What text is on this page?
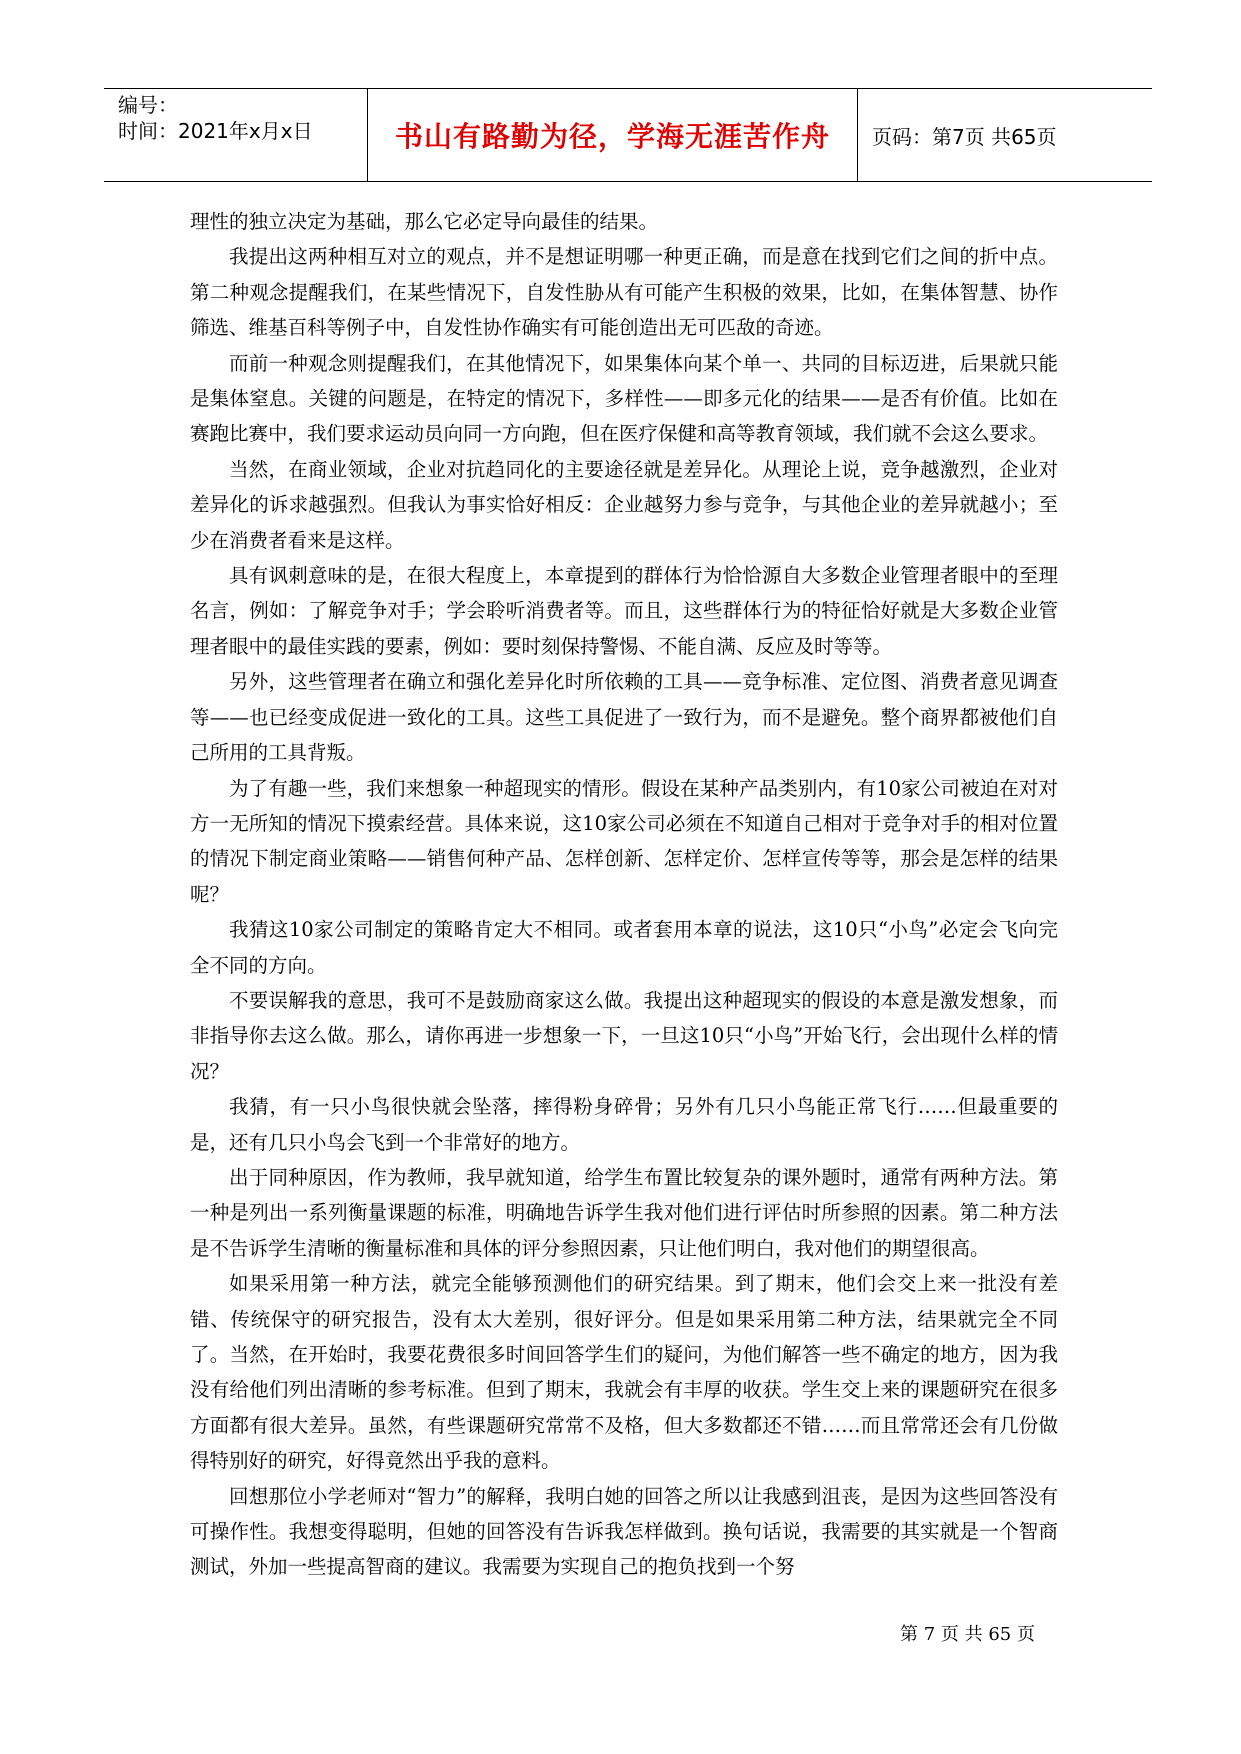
编号：
时间：2021年x月x日	书山有路勤为径，学海无涯苦作舟 页码：第7页 共65页

理性的独立决定为基础，那么它必定导向最佳的结果。

我提出这两种相互对立的观点，并不是想证明哪一种更正确，而是意在找到它们之间的折中点。第二种观念提醒我们，在某些情况下，自发性胁从有可能产生积极的效果，比如，在集体智慧、协作筛选、维基百科等例子中，自发性协作确实有可能创造出无可匹敌的奇迹。

而前一种观念则提醒我们，在其他情况下，如果集体向某个单一、共同的目标迈进，后果就只能是集体窒息。关键的问题是，在特定的情况下，多样性——即多元化的结果——是否有价值。比如在赛跑比赛中，我们要求运动员向同一方向跑，但在医疗保健和高等教育领域，我们就不会这么要求。

当然，在商业领域，企业对抗趋同化的主要途径就是差异化。从理论上说，竞争越激烈，企业对差异化的诉求越强烈。但我认为事实恰好相反：企业越努力参与竞争，与其他企业的差异就越小；至少在消费者看来是这样。

具有讽刺意味的是，在很大程度上，本章提到的群体行为恰恰源自大多数企业管理者眼中的至理名言，例如：了解竞争对手；学会聆听消费者等。而且，这些群体行为的特征恰好就是大多数企业管理者眼中的最佳实践的要素，例如：要时刻保持警惕、不能自满、反应及时等等。

另外，这些管理者在确立和强化差异化时所依赖的工具——竞争标准、定位图、消费者意见调查等——也已经变成促进一致化的工具。这些工具促进了一致行为，而不是避免。整个商界都被他们自己所用的工具背叛。

为了有趣一些，我们来想象一种超现实的情形。假设在某种产品类别内，有10家公司被迫在对对方一无所知的情况下摸索经营。具体来说，这10家公司必须在不知道自己相对于竞争对手的相对位置的情况下制定商业策略——销售何种产品、怎样创新、怎样定价、怎样宣传等等，那会是怎样的结果呢？

我猜这10家公司制定的策略肯定大不相同。或者套用本章的说法，这10只“小鸟”必定会飞向完全不同的方向。

不要误解我的意思，我可不是鼓励商家这么做。我提出这种超现实的假设的本意是激发想象，而非指导你去这么做。那么，请你再进一步想象一下，一旦这10只“小鸟”开始飞行，会出现什么样的情况？

我猜，有一只小鸟很快就会坠落，摔得粉身碎骨；另外有几只小鸟能正常飞行……但最重要的是，还有几只小鸟会飞到一个非常好的地方。

出于同种原因，作为教师，我早就知道，给学生布置比较复杂的课外题时，通常有两种方法。第一种是列出一系列衡量课题的标准，明确地告诉学生我对他们进行评估时所参照的因素。第二种方法是不告诉学生清晰的衡量标准和具体的评分参照因素，只让他们明白，我对他们的期望很高。

如果采用第一种方法，就完全能够预测他们的研究结果。到了期末，他们会交上来一批没有差错、传统保守的研究报告，没有太大差别，很好评分。但是如果采用第二种方法，结果就完全不同了。当然，在开始时，我要花费很多时间回答学生们的疑问，为他们解答一些不确定的地方，因为我没有给他们列出清晰的参考标准。但到了期末，我就会有丰厚的收获。学生交上来的课题研究在很多方面都有很大差异。虽然，有些课题研究常常不及格，但大多数都还不错……而且常常还会有几份做得特别好的研究，好得竟然出乎我的意料。

回想那位小学老师对“智力”的解释，我明白她的回答之所以让我感到沮丧，是因为这些回答没有可操作性。我想变得聪明，但她的回答没有告诉我怎样做到。换句话说，我需要的其实就是一个智商测试，外加一些提高智商的建议。我需要为实现自己的抱负找到一个努

第 7 页 共 65 页
